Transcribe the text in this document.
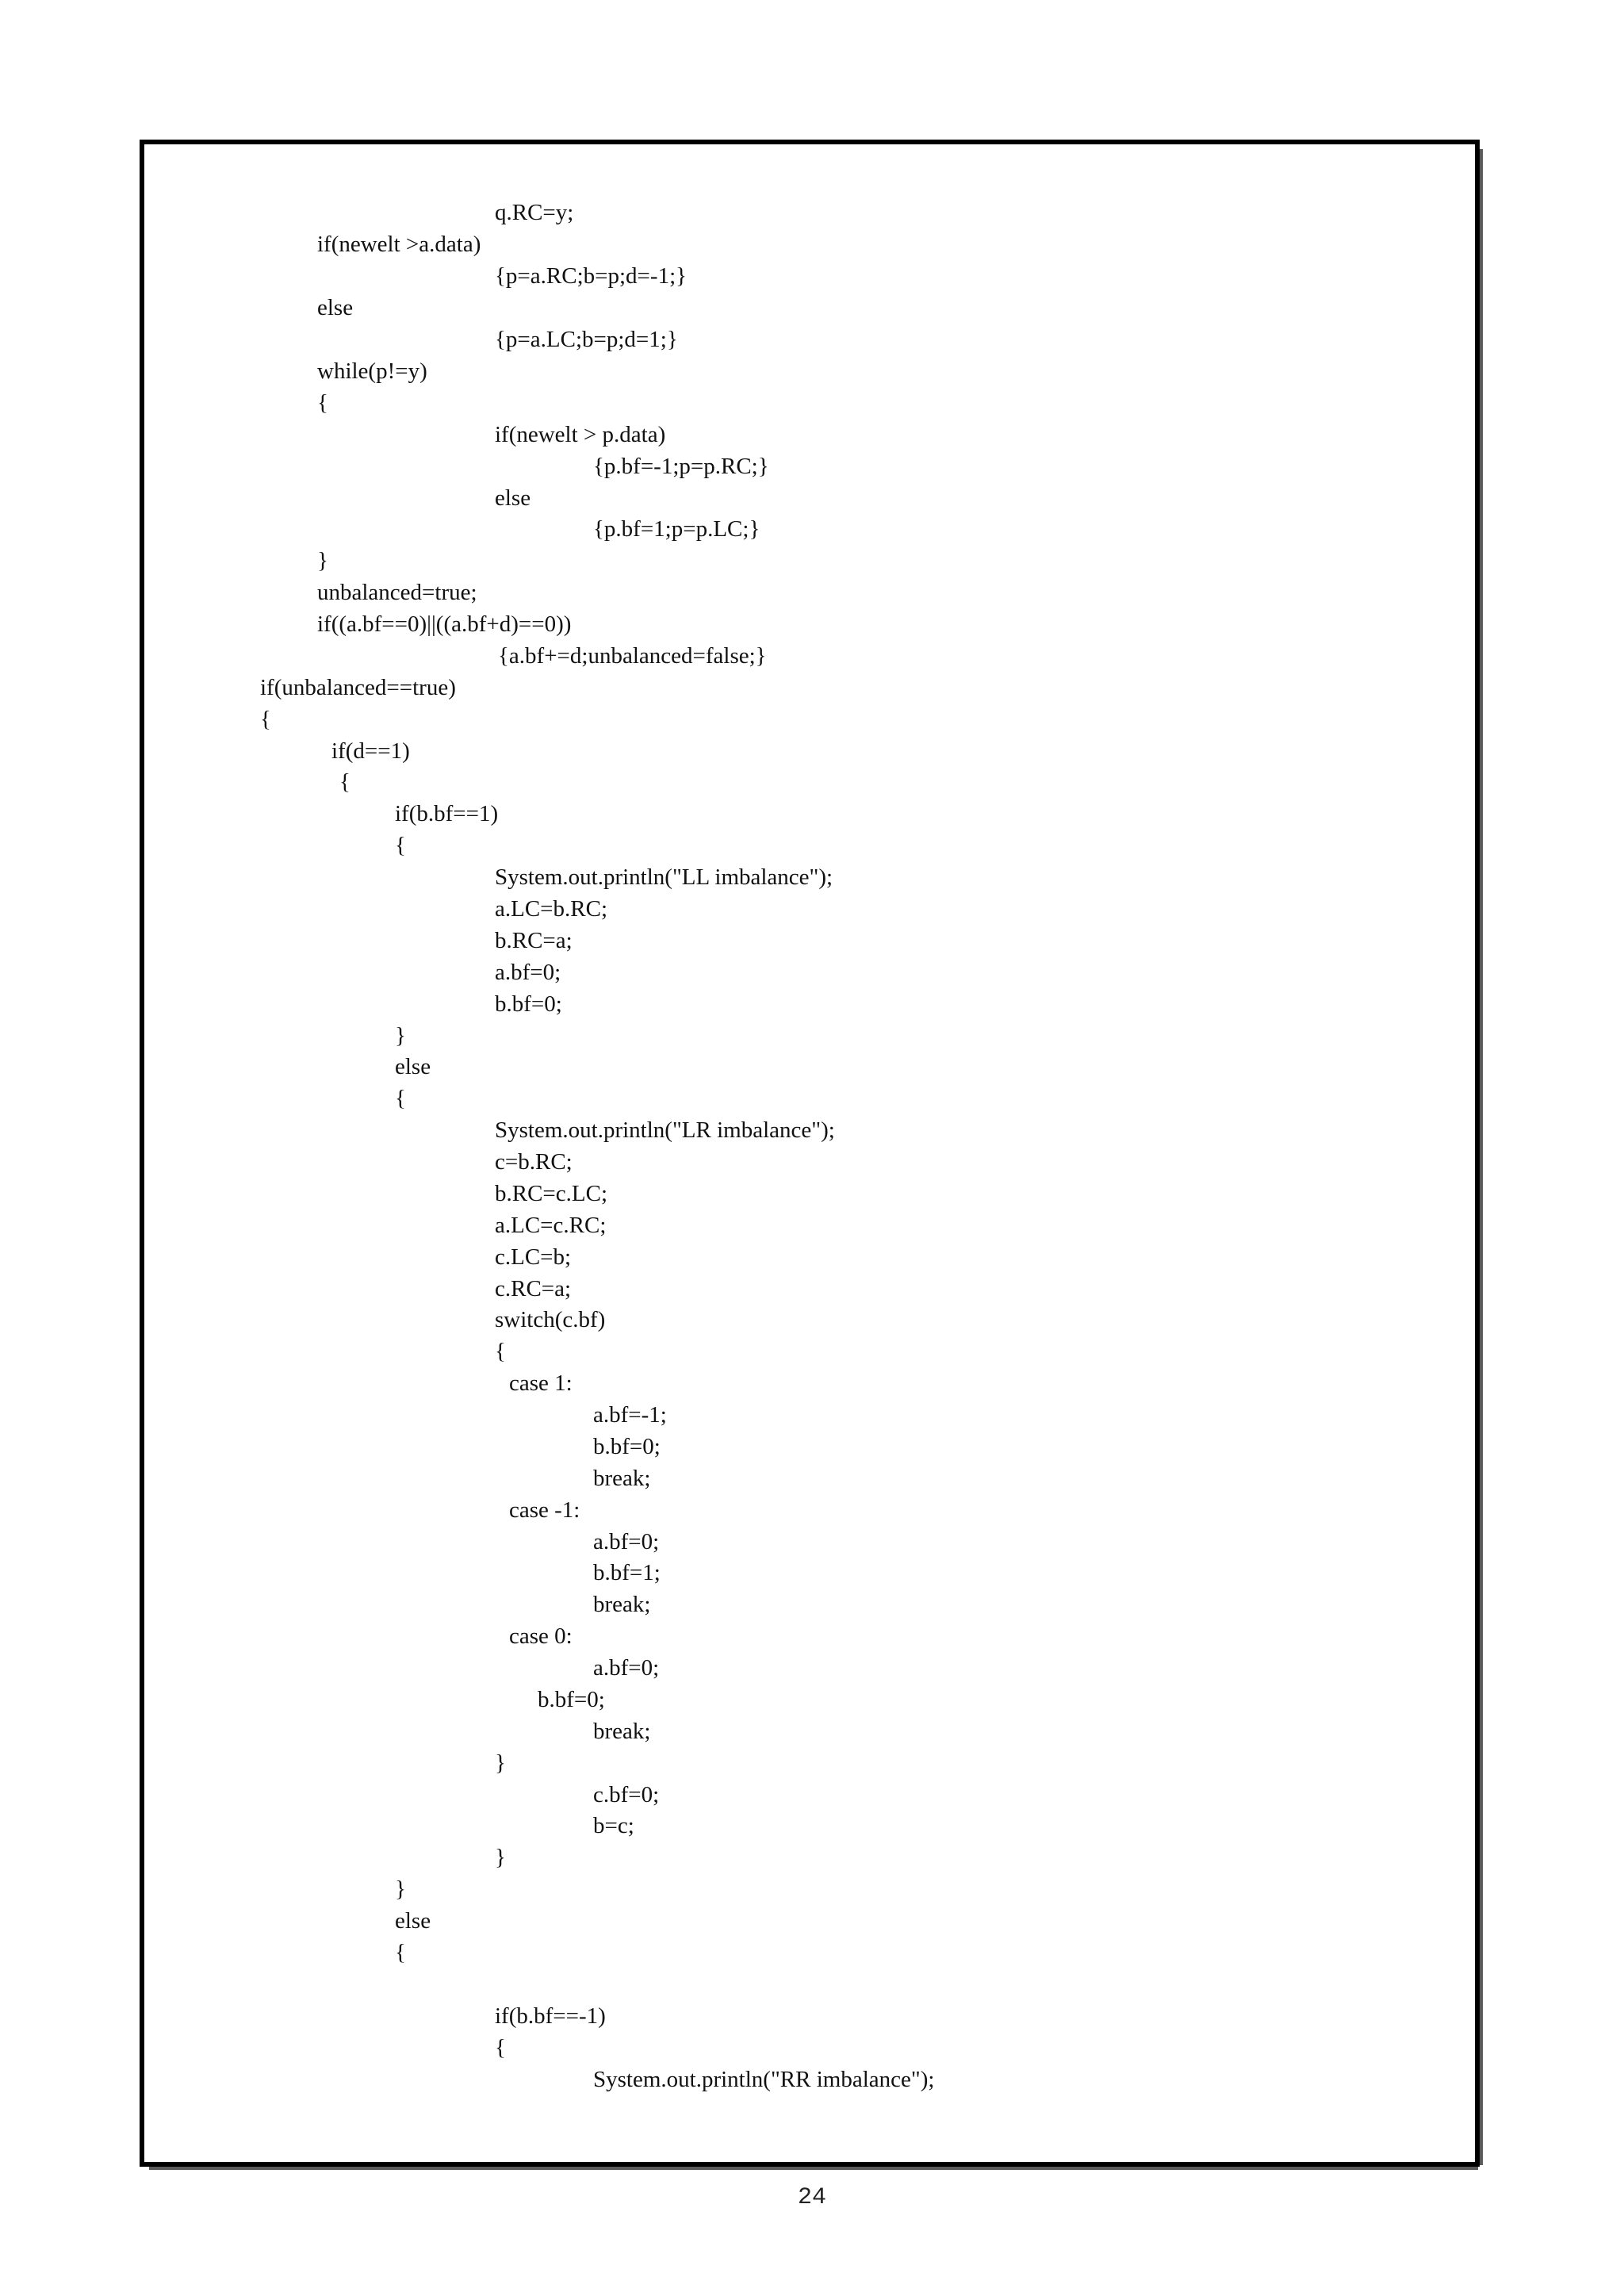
q.RC=y;

if(newelt >a.data)

{p=a.RC;b=p;d=-1;}

else

{p=a.LC;b=p;d=1;}

while(p!=y)

{

if(newelt > p.data)

{p.bf=-1;p=p.RC;}

else

{p.bf=1;p=p.LC;}

}

unbalanced=true;

if((a.bf==0)||((a.bf+d)==0))

{a.bf+=d;unbalanced=false;}

if(unbalanced==true)

{

if(d==1)

{

if(b.bf==1)

{

System.out.println("LL imbalance");

a.LC=b.RC;

b.RC=a;

a.bf=0;

b.bf=0;

}

else

{

System.out.println("LR imbalance");

c=b.RC;

b.RC=c.LC;

a.LC=c.RC;

c.LC=b;

c.RC=a;

switch(c.bf)

{

case 1:

a.bf=-1;

b.bf=0;

break;

case -1:

a.bf=0;

b.bf=1;

break;

case 0:

a.bf=0;

b.bf=0;

break;

}

c.bf=0;

b=c;

}

}

else

{

if(b.bf==-1)

{

System.out.println("RR imbalance");

24
